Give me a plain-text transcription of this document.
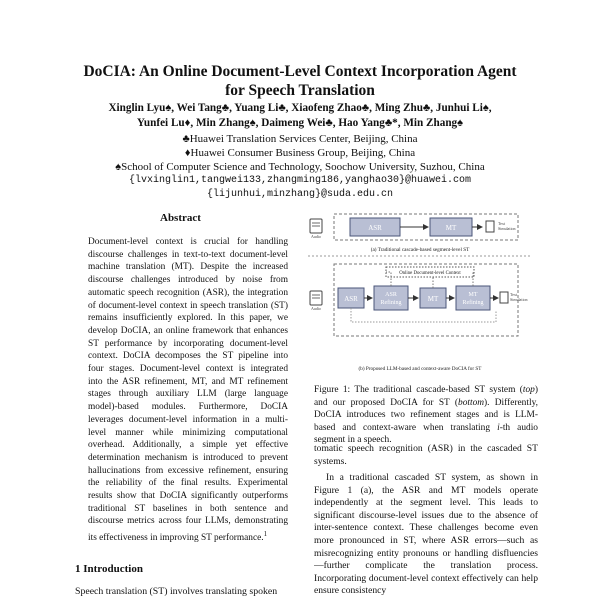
DoCIA: An Online Document-Level Context Incorporation Agent
for Speech Translation
Xinglin Lyu♠, Wei Tang♣, Yuang Li♣, Xiaofeng Zhao♣, Ming Zhu♣, Junhui Li♠,
Yunfei Lu♦, Min Zhang♠, Daimeng Wei♣, Hao Yang♣*, Min Zhang♠
♣Huawei Translation Services Center, Beijing, China
♦Huawei Consumer Business Group, Beijing, China
♠School of Computer Science and Technology, Soochow University, Suzhou, China
{lvxinglin1,tangwei133,zhangming186,yanghao30}@huawei.com
{lijunhui,minzhang}@suda.edu.cn
Abstract
Document-level context is crucial for handling discourse challenges in text-to-text document-level machine translation (MT). Despite the increased discourse challenges introduced by noise from automatic speech recognition (ASR), the integration of document-level context in speech translation (ST) remains insufficiently explored. In this paper, we develop DoCIA, an online framework that enhances ST performance by incorporating document-level context. DoCIA decomposes the ST pipeline into four stages. Document-level context is integrated into the ASR refinement, MT, and MT refinement stages through auxiliary LLM (large language model)-based modules. Furthermore, DoCIA leverages document-level information in a multi-level manner while minimizing computational overhead. Additionally, a simple yet effective determination mechanism is introduced to prevent hallucinations from excessive refinement, ensuring the reliability of the final results. Experimental results show that DoCIA significantly outperforms traditional ST baselines in both sentence and discourse metrics across four LLMs, demonstrating its effectiveness in improving ST performance.$^1$
Audio
ASR	MT
Text
Simulation
(a) Traditional cascade-based segment-level ST
Online Document-level Context
Audio
ASR	ASR
Refining	MT	MT
Refining
Text
Simulation
(b) Proposed LLM-based and context-aware DoCIA for ST
Figure 1: The traditional cascade-based ST system (top) and our proposed DoCIA for ST (bottom). Differently, DoCIA introduces two refinement stages and is LLM-based and context-aware when translating i-th audio segment in a speech.
tomatic speech recognition (ASR) in the cascaded ST systems.
In a traditional cascaded ST system, as shown in Figure 1 (a), the ASR and MT models operate independently at the segment level. This leads to significant discourse-level issues due to the absence of inter-sentence context. These challenges become even more pronounced in ST, where ASR errors—such as misrecognizing entity pronouns or handling disfluencies—further complicate the translation process. Incorporating document-level context effectively can help ensure consistency
1 Introduction
Speech translation (ST) involves translating spoken
